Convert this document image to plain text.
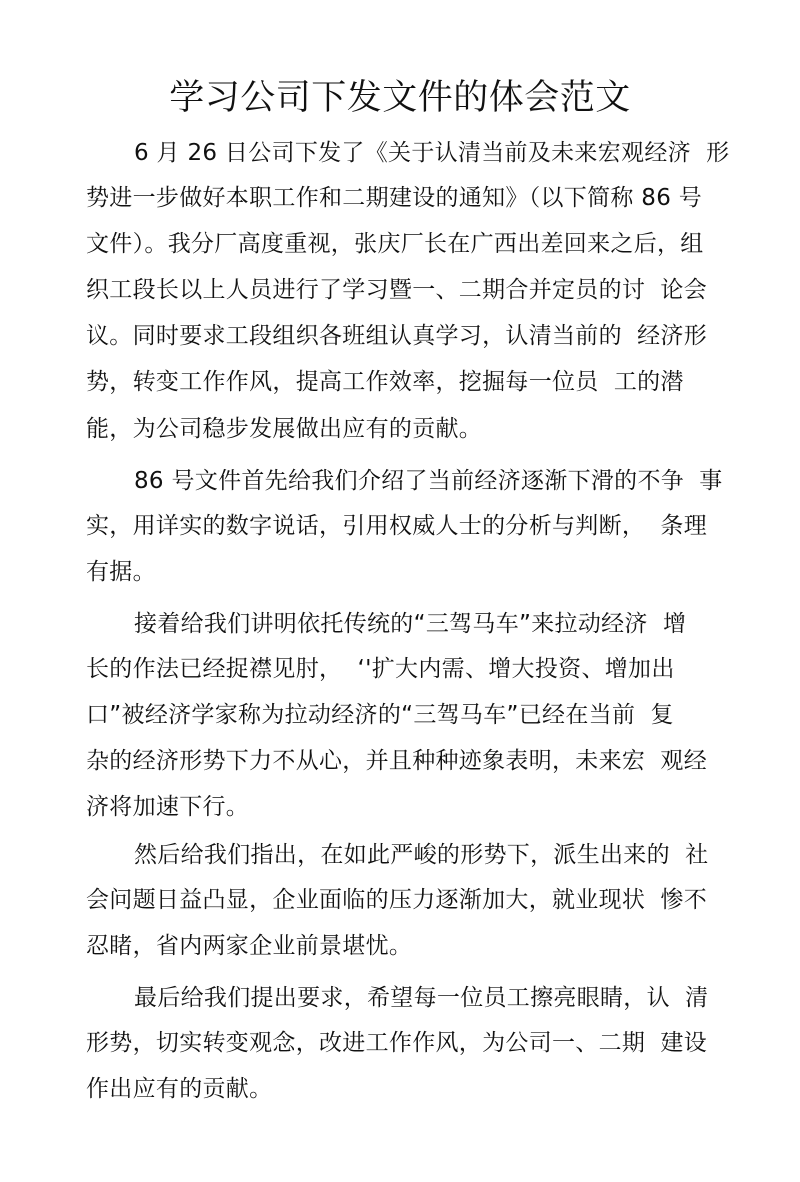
学习公司下发文件的体会范文
6 月 26 日公司下发了《关于认清当前及未来宏观经济  形
势进一步做好本职工作和二期建设的通知》（以下简称 86 号
文件）。我分厂高度重视，张庆厂长在广西出差回来之后，组
织工段长以上人员进行了学习暨一、二期合并定员的讨  论会
议。同时要求工段组织各班组认真学习，认清当前的  经济形
势，转变工作作风，提高工作效率，挖掘每一位员  工的潜
能，为公司稳步发展做出应有的贡献。
86 号文件首先给我们介绍了当前经济逐渐下滑的不争  事
实，用详实的数字说话，引用权威人士的分析与判断，  条理
有据。
接着给我们讲明依托传统的“三驾马车”来拉动经济  增
长的作法已经捉襟见肘，  ‘'扩大内需、增大投资、增加出
口”被经济学家称为拉动经济的“三驾马车”已经在当前  复
杂的经济形势下力不从心，并且种种迹象表明，未来宏  观经
济将加速下行。
然后给我们指出，在如此严峻的形势下，派生出来的  社
会问题日益凸显，企业面临的压力逐渐加大，就业现状  惨不
忍睹，省内两家企业前景堪忧。
最后给我们提出要求，希望每一位员工擦亮眼睛，认  清
形势，切实转变观念，改进工作作风，为公司一、二期  建设
作出应有的贡献。
